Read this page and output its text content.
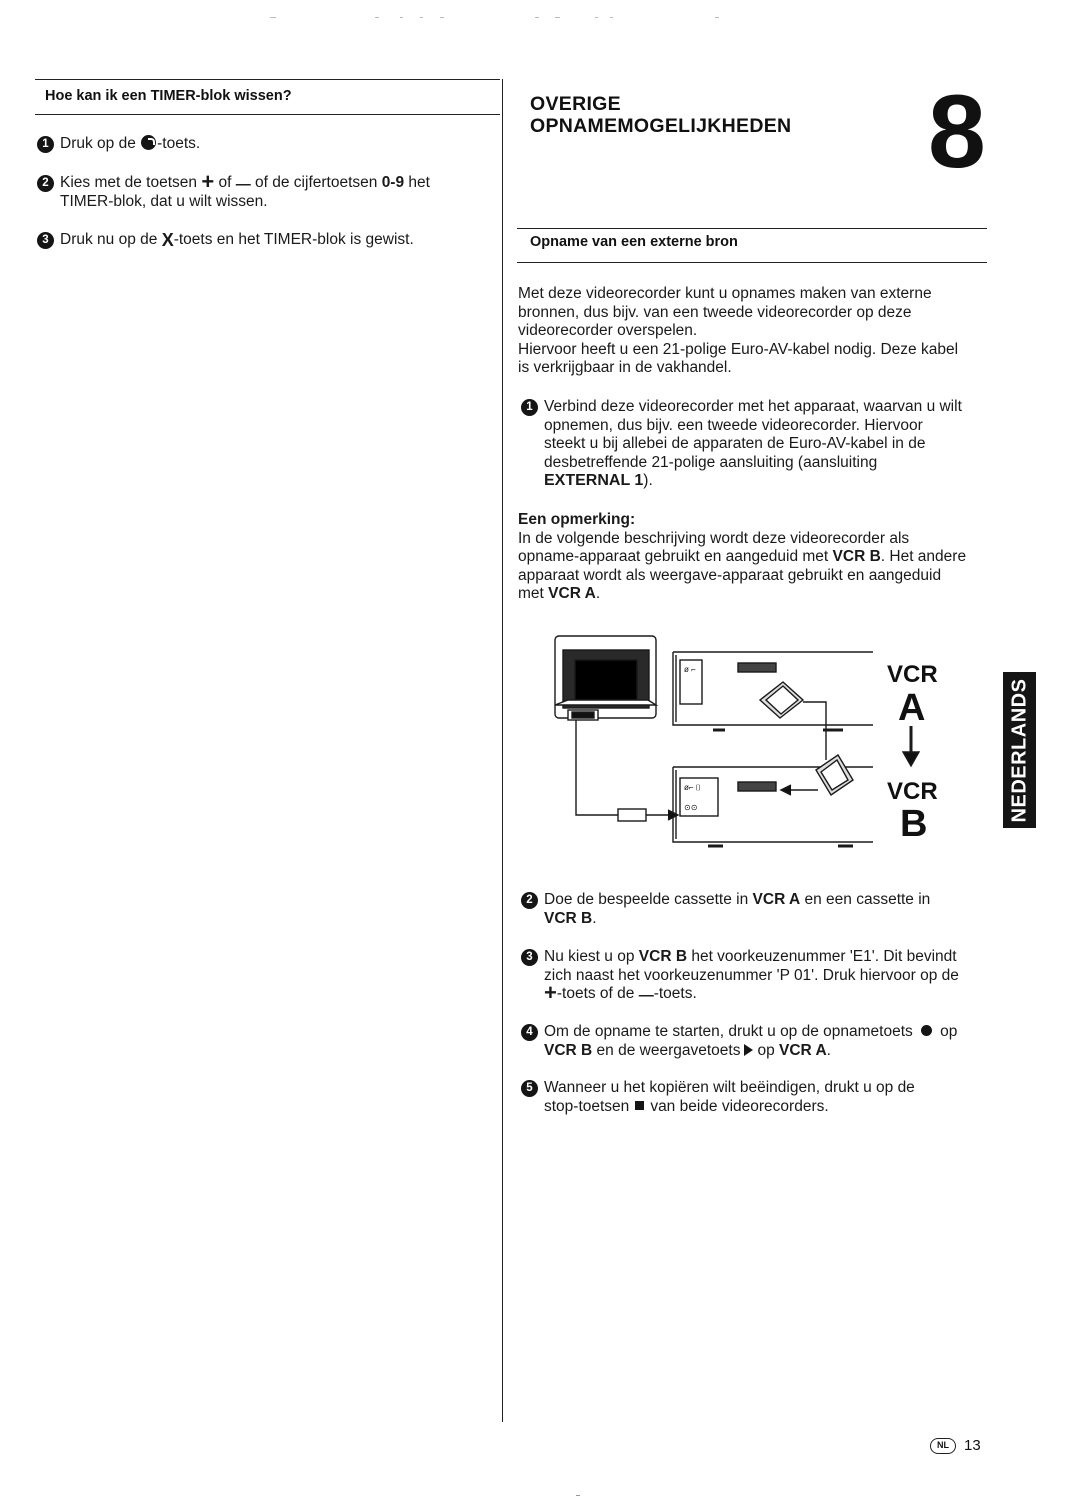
Hoe kan ik een TIMER-blok wissen?
1 Druk op de -toets.
2 Kies met de toetsen + of — of de cijfertoetsen 0-9 het
TIMER-blok, dat u wilt wissen.
3 Druk nu op de X-toets en het TIMER-blok is gewist.
OVERIGE
OPNAMEMOGELIJKHEDEN 8
Opname van een externe bron
Met deze videorecorder kunt u opnames maken van externe
bronnen, dus bijv. van een tweede videorecorder op deze
videorecorder overspelen.
Hiervoor heeft u een 21-polige Euro-AV-kabel nodig. Deze kabel
is verkrijgbaar in de vakhandel.
1 Verbind deze videorecorder met het apparaat, waarvan u wilt
opnemen, dus bijv. een tweede videorecorder. Hiervoor
steekt u bij allebei de apparaten de Euro-AV-kabel in de
desbetreffende 21-polige aansluiting (aansluiting
EXTERNAL 1).
Een opmerking:
In de volgende beschrijving wordt deze videorecorder als
opname-apparaat gebruikt en aangeduid met VCR B. Het andere
apparaat wordt als weergave-apparaat gebruikt en aangeduid
met VCR A.
ø ⌐
ø⌐ ⌷
⊙⊙
VCR
A
VCR
B
2 Doe de bespeelde cassette in VCR A en een cassette in
VCR B.
3 Nu kiest u op VCR B het voorkeuzenummer 'E1'. Dit bevindt
zich naast het voorkeuzenummer 'P 01'. Druk hiervoor op de
+-toets of de —-toets.
4 Om de opname te starten, drukt u op de opnametoets op
VCR B en de weergavetoets op VCR A.
5 Wanneer u het kopiëren wilt beëindigen, drukt u op de
stop-toetsen van beide videorecorders.
NEDERLANDS
NL	13
